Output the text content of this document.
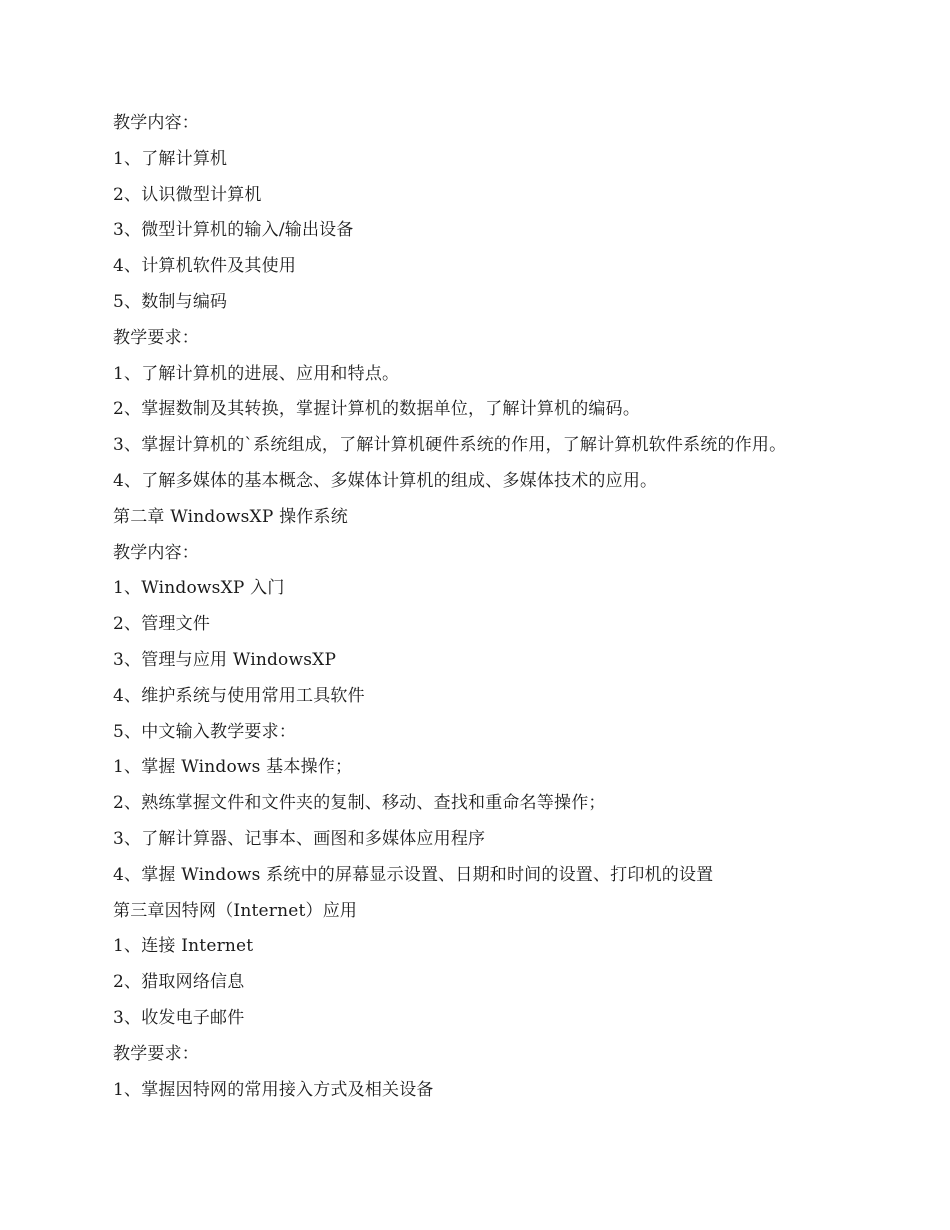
教学内容：
1、了解计算机
2、认识微型计算机
3、微型计算机的输入/输出设备
4、计算机软件及其使用
5、数制与编码
教学要求：
1、了解计算机的进展、应用和特点。
2、掌握数制及其转换，掌握计算机的数据单位，了解计算机的编码。
3、掌握计算机的`系统组成，了解计算机硬件系统的作用，了解计算机软件系统的作用。
4、了解多媒体的基本概念、多媒体计算机的组成、多媒体技术的应用。
第二章 WindowsXP 操作系统
教学内容：
1、WindowsXP 入门
2、管理文件
3、管理与应用 WindowsXP
4、维护系统与使用常用工具软件
5、中文输入教学要求：
1、掌握 Windows 基本操作；
2、熟练掌握文件和文件夹的复制、移动、查找和重命名等操作；
3、了解计算器、记事本、画图和多媒体应用程序
4、掌握 Windows 系统中的屏幕显示设置、日期和时间的设置、打印机的设置
第三章因特网（Internet）应用
1、连接 Internet
2、猎取网络信息
3、收发电子邮件
教学要求：
1、掌握因特网的常用接入方式及相关设备
